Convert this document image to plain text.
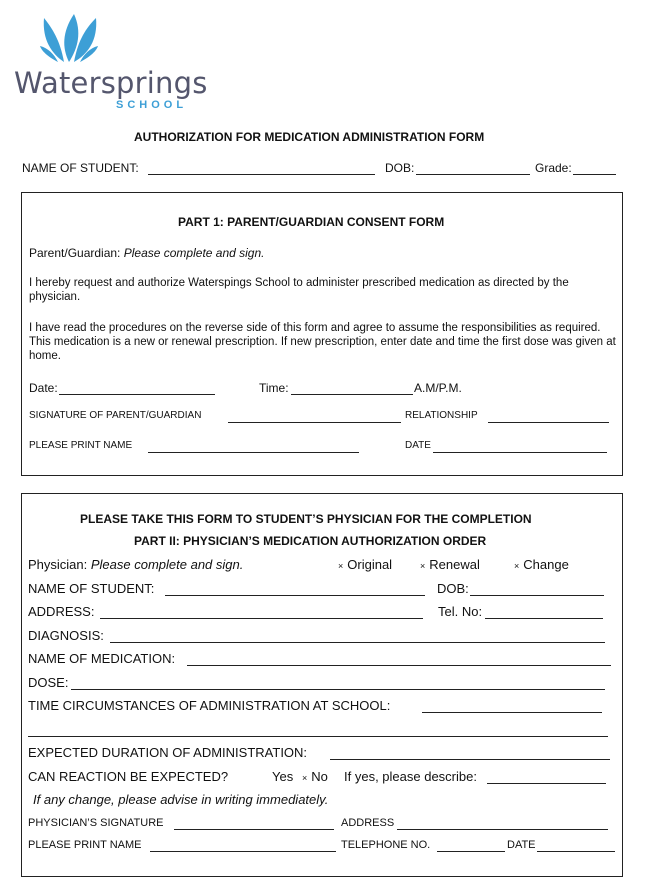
Watersprings
SCHOOL
AUTHORIZATION FOR MEDICATION ADMINISTRATION FORM
NAME OF STUDENT:	DOB:	Grade:
PART 1: PARENT/GUARDIAN CONSENT FORM
Parent/Guardian: Please complete and sign.
I hereby request and authorize Waterspings School to administer prescribed medication as directed by the physician.
I have read the procedures on the reverse side of this form and agree to assume the responsibilities as required. This medication is a new or renewal prescription. If new prescription, enter date and time the first dose was given at home.
Date:	Time:	A.M/P.M.
SIGNATURE OF PARENT/GUARDIAN	RELATIONSHIP
PLEASE PRINT NAME	DATE
PLEASE TAKE THIS FORM TO STUDENT’S PHYSICIAN FOR THE COMPLETION
PART II: PHYSICIAN’S MEDICATION AUTHORIZATION ORDER
Physician: Please complete and sign.	× Original	× Renewal	× Change
NAME OF STUDENT:	DOB:
ADDRESS:	Tel. No:
DIAGNOSIS:
NAME OF MEDICATION:
DOSE:
TIME CIRCUMSTANCES OF ADMINISTRATION AT SCHOOL:
EXPECTED DURATION OF ADMINISTRATION:
CAN REACTION BE EXPECTED?	Yes × No If yes, please describe:
If any change, please advise in writing immediately.
PHYSICIAN’S SIGNATURE	ADDRESS
PLEASE PRINT NAME	TELEPHONE NO.	DATE
